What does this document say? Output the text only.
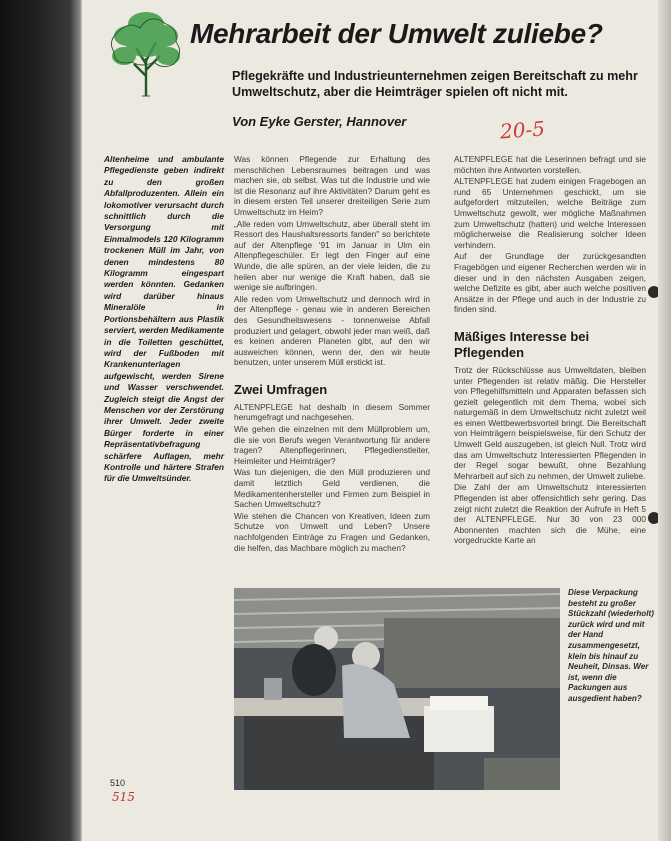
Mehrarbeit der Umwelt zuliebe?

Pflegekräfte und Industrieunternehmen zeigen Bereitschaft zu mehr Umweltschutz, aber die Heimträger spielen oft nicht mit.

Von Eyke Gerster, Hannover	20-5

Altenheime und ambulante Pflegedienste geben indirekt zu den großen Abfallproduzenten. Allein ein lokomotiver verursacht durch schnittlich durch die Versorgung mit Einmalmodels 120 Kilogramm trockenen Müll im Jahr, von denen mindestens 80 Kilogramm eingespart werden könnten. Gedanken wird darüber hinaus Mineralöle in Portionsbehältern aus Plastik serviert, werden Medikamente in die Toiletten geschüttet, wird der Fußboden mit Krankenunterlagen aufgewischt, werden Sirene und Wasser verschwendet. Zugleich steigt die Angst der Menschen vor der Zerstörung ihrer Umwelt. Jeder zweite Bürger forderte in einer Repräsentativbefragung schärfere Auflagen, mehr Kontrolle und härtere Strafen für die Umweltsünder.

Was können Pflegende zur Erhaltung des menschlichen Lebensraumes beitragen und was machen sie, ob selbst. Was tut die Industrie und wie ist die Resonanz auf ihre Aktivitäten? Darum geht es in diesem ersten Teil unserer dreiteiligen Serie zum Umweltschutz im Heim?

„Alle reden vom Umweltschutz, aber überall steht im Ressort des Haushaltsressorts fanden" so berichtete auf der Altenpflege '91 im Januar in Ulm ein Altenpflegeschüler. Er legt den Finger auf eine Wunde, die alle spüren, an der viele leiden, die zu heilen aber nur wenige die Kraft haben, daß sie wenige sie aufbringen.

Alle reden vom Umweltschutz und dennoch wird in der Altenpflege - genau wie in anderen Bereichen des Gesundheitswesens - tonnenweise Abfall produziert und gelagert, obwohl jeder man weiß, daß es keinen anderen Planeten gibt, auf den wir ausweichen können, wenn der, den wir heute benutzen, unter unserem Müll erstickt ist.

Zwei Umfragen

ALTENPFLEGE hat deshalb in diesem Sommer herumgefragt und nachgesehen.

Wie gehen die einzelnen mit dem Müllproblem um, die sie von Berufs wegen Verantwortung für andere tragen? Altenpflegerinnen, Pflegedienstleiter, Heimleiter und Heimträger?

Was tun diejenigen, die den Müll produzieren und damit letztlich Geld verdienen, die Medikamentenhersteller und Firmen zum Beispiel in Sachen Umweltschutz?

Wie stehen die Chancen von Kreativen, Ideen zum Schutze von Umwelt und Leben? Unsere nachfolgenden Einträge zu Fragen und Gedanken, die helfen, das Machbare möglich zu machen?

ALTENPFLEGE hat die Leserinnen befragt und sie möchten ihre Antworten vorstellen.

ALTENPFLEGE hat zudem einigen Fragebogen an rund 65 Unternehmen geschickt, um sie aufgefordert mitzuteilen, welche Beiträge zum Umweltschutz gewollt, wer mögliche Maßnahmen zum Umweltschutz (hatten) und welche Interessen möglicherweise die Realisierung solcher Ideen verhindern.

Auf der Grundlage der zurückgesandten Fragebögen und eigener Recherchen werden wir in dieser und in den nächsten Ausgaben zeigen, welche Defizite es gibt, aber auch welche positiven Ansätze in der Pflege und auch in der Industrie zu finden sind.

Mäßiges Interesse bei Pflegenden

Trotz der Rückschlüsse aus Umweltdaten, bleiben unter Pflegenden ist relativ mäßig. Die Hersteller von Pflegehilfsmitteln und Apparaten befassen sich gezielt gelegentlich mit dem Thema, wobei sich naturgemäß in dem Umweltschutz nicht zuletzt weil es einen Wettbewerbsvorteil bringt. Die Bereitschaft von Heimträgern beispielsweise, für den Schutz der Umwelt Geld auszugeben, ist gleich Null. Trotz wird das am Umweltschutz Interessierten Pflegenden in der Regel sogar bewußt, ohne Bezahlung Mehrarbeit auf sich zu nehmen, der Umwelt zuliebe.

Die Zahl der am Umweltschutz interessierten Pflegenden ist aber offensichtlich sehr gering. Das zeigt nicht zuletzt die Reaktion der Aufrufe in Heft 5 der ALTENPFLEGE. Nur 30 von 23 000 Abonnenten machten sich die Mühe, eine vorgedruckte Karte an

Diese Verpackung besteht zu großer Stückzahl (wiederholt) zurück wird und mit der Hand zusammengesetzt, klein bis hinauf zu Neuheit, Dinsas. Wer ist, wenn die Packungen aus ausgedient haben?
510
515
